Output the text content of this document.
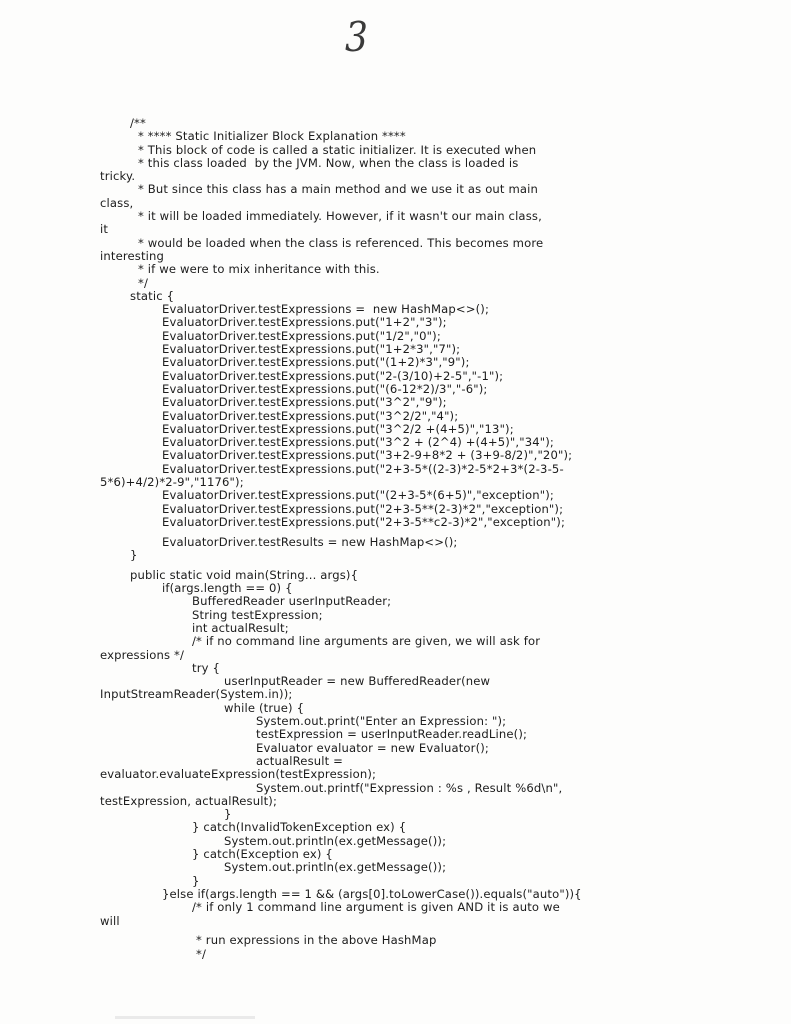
3
/**
* **** Static Initializer Block Explanation ****
* This block of code is called a static initializer. It is executed when
* this class loaded  by the JVM. Now, when the class is loaded is
tricky.
* But since this class has a main method and we use it as out main
class,
* it will be loaded immediately. However, if it wasn't our main class,
it
* would be loaded when the class is referenced. This becomes more
interesting
* if we were to mix inheritance with this.
*/
static {
EvaluatorDriver.testExpressions =  new HashMap<>();
EvaluatorDriver.testExpressions.put("1+2","3");
EvaluatorDriver.testExpressions.put("1/2","0");
EvaluatorDriver.testExpressions.put("1+2*3","7");
EvaluatorDriver.testExpressions.put("(1+2)*3","9");
EvaluatorDriver.testExpressions.put("2-(3/10)+2-5","-1");
EvaluatorDriver.testExpressions.put("(6-12*2)/3","-6");
EvaluatorDriver.testExpressions.put("3^2","9");
EvaluatorDriver.testExpressions.put("3^2/2","4");
EvaluatorDriver.testExpressions.put("3^2/2 +(4+5)","13");
EvaluatorDriver.testExpressions.put("3^2 + (2^4) +(4+5)","34");
EvaluatorDriver.testExpressions.put("3+2-9+8*2 + (3+9-8/2)","20");
EvaluatorDriver.testExpressions.put("2+3-5*((2-3)*2-5*2+3*(2-3-5-
5*6)+4/2)*2-9","1176");
EvaluatorDriver.testExpressions.put("(2+3-5*(6+5)","exception");
EvaluatorDriver.testExpressions.put("2+3-5**(2-3)*2","exception");
EvaluatorDriver.testExpressions.put("2+3-5**c2-3)*2","exception");
EvaluatorDriver.testResults = new HashMap<>();
}
public static void main(String... args){
if(args.length == 0) {
BufferedReader userInputReader;
String testExpression;
int actualResult;
/* if no command line arguments are given, we will ask for
expressions */
try {
userInputReader = new BufferedReader(new
InputStreamReader(System.in));
while (true) {
System.out.print("Enter an Expression: ");
testExpression = userInputReader.readLine();
Evaluator evaluator = new Evaluator();
actualResult =
evaluator.evaluateExpression(testExpression);
System.out.printf("Expression : %s , Result %6d\n",
testExpression, actualResult);
}
} catch(InvalidTokenException ex) {
System.out.println(ex.getMessage());
} catch(Exception ex) {
System.out.println(ex.getMessage());
}
}else if(args.length == 1 && (args[0].toLowerCase()).equals("auto")){
/* if only 1 command line argument is given AND it is auto we
will
* run expressions in the above HashMap
*/
